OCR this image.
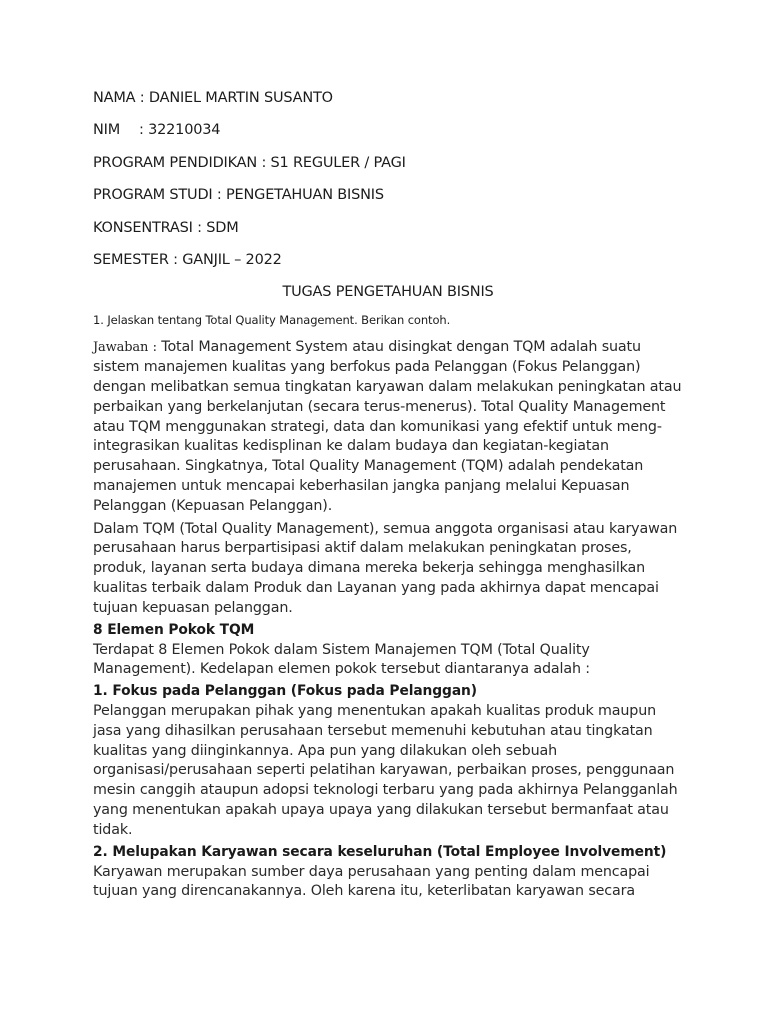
NAMA : DANIEL MARTIN SUSANTO

NIM : 32210034

PROGRAM PENDIDIKAN : S1 REGULER / PAGI

PROGRAM STUDI : PENGETAHUAN BISNIS

KONSENTRASI : SDM

SEMESTER : GANJIL – 2022

TUGAS PENGETAHUAN BISNIS

1. Jelaskan tentang Total Quality Management. Berikan contoh.

Jawaban : Total Management System atau disingkat dengan TQM adalah suatu sistem manajemen kualitas yang berfokus pada Pelanggan (Fokus Pelanggan) dengan melibatkan semua tingkatan karyawan dalam melakukan peningkatan atau perbaikan yang berkelanjutan (secara terus-menerus). Total Quality Management atau TQM menggunakan strategi, data dan komunikasi yang efektif untuk meng-integrasikan kualitas kedisplinan ke dalam budaya dan kegiatan-kegiatan perusahaan. Singkatnya, Total Quality Management (TQM) adalah pendekatan manajemen untuk mencapai keberhasilan jangka panjang melalui Kepuasan Pelanggan (Kepuasan Pelanggan).

Dalam TQM (Total Quality Management), semua anggota organisasi atau karyawan perusahaan harus berpartisipasi aktif dalam melakukan peningkatan proses, produk, layanan serta budaya dimana mereka bekerja sehingga menghasilkan kualitas terbaik dalam Produk dan Layanan yang pada akhirnya dapat mencapai tujuan kepuasan pelanggan.

8 Elemen Pokok TQM

Terdapat 8 Elemen Pokok dalam Sistem Manajemen TQM (Total Quality Management). Kedelapan elemen pokok tersebut diantaranya adalah :

1. Fokus pada Pelanggan (Fokus pada Pelanggan)

Pelanggan merupakan pihak yang menentukan apakah kualitas produk maupun jasa yang dihasilkan perusahaan tersebut memenuhi kebutuhan atau tingkatan kualitas yang diinginkannya. Apa pun yang dilakukan oleh sebuah organisasi/perusahaan seperti pelatihan karyawan, perbaikan proses, penggunaan mesin canggih ataupun adopsi teknologi terbaru yang pada akhirnya Pelangganlah yang menentukan apakah upaya upaya yang dilakukan tersebut bermanfaat atau tidak.

2. Melupakan Karyawan secara keseluruhan (Total Employee Involvement)

Karyawan merupakan sumber daya perusahaan yang penting dalam mencapai tujuan yang direncanakannya. Oleh karena itu, keterlibatan karyawan secara
